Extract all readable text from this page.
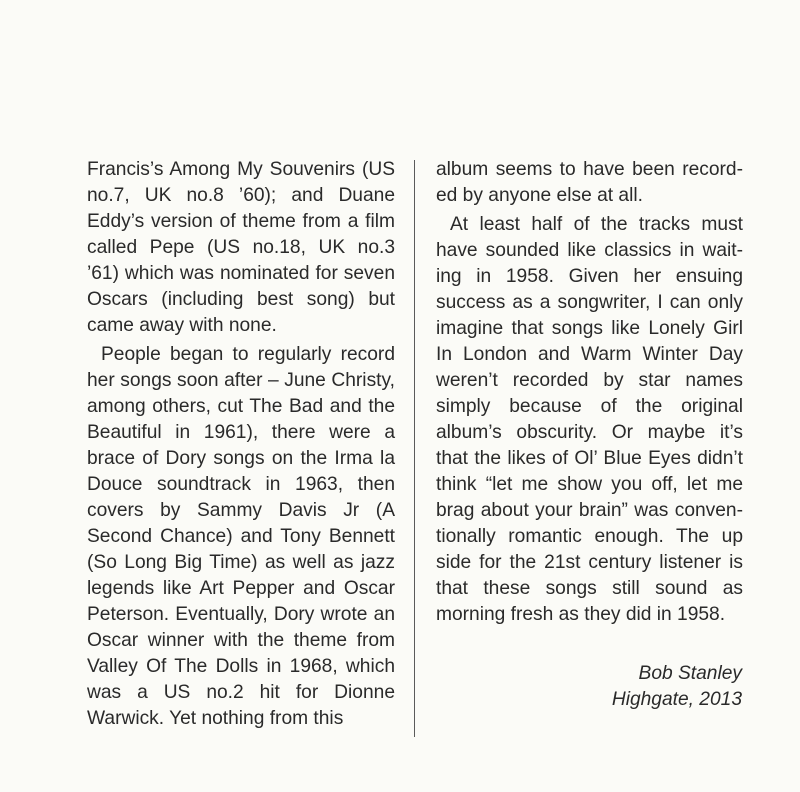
Francis’s Among My Souvenirs (US no.7, UK no.8 ’60); and Duane Eddy’s version of theme from a film called Pepe (US no.18, UK no.3 ’61) which was nominated for seven Oscars (including best song) but came away with none.

People began to regularly record her songs soon after – June Christy, among others, cut The Bad and the Beautiful in 1961), there were a brace of Dory songs on the Irma la Douce soundtrack in 1963, then covers by Sammy Davis Jr (A Second Chance) and Tony Bennett (So Long Big Time) as well as jazz legends like Art Pepper and Oscar Peterson. Eventually, Dory wrote an Oscar winner with the theme from Valley Of The Dolls in 1968, which was a US no.2 hit for Dionne Warwick. Yet nothing from this

album seems to have been recorded by anyone else at all.

At least half of the tracks must have sounded like classics in waiting in 1958. Given her ensuing success as a songwriter, I can only imagine that songs like Lonely Girl In London and Warm Winter Day weren’t recorded by star names simply because of the original album’s obscurity. Or maybe it’s that the likes of Ol’ Blue Eyes didn’t think “let me show you off, let me brag about your brain” was conventionally romantic enough. The up side for the 21st century listener is that these songs still sound as morning fresh as they did in 1958.

Bob Stanley
Highgate, 2013
